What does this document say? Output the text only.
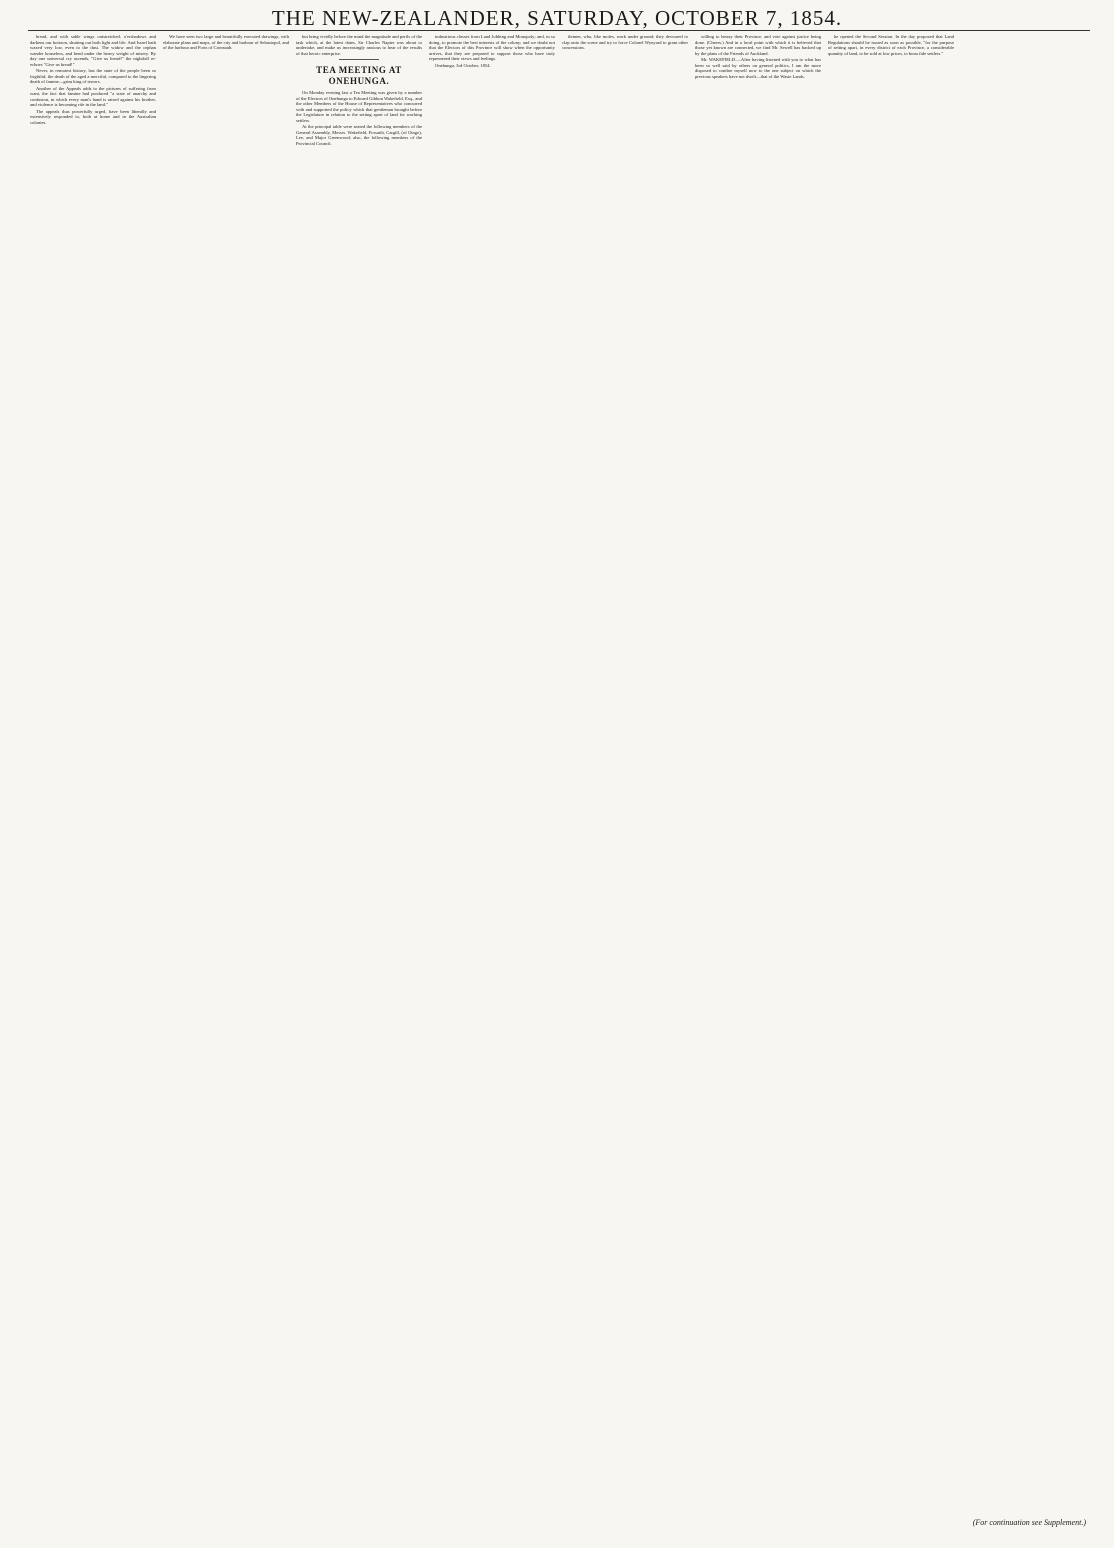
THE NEW-ZEALANDER, SATURDAY, OCTOBER 7, 1854.

bread, and with sable wings outstretched, o'ershadows and darkens our horizon, shutting out both light and life. And Israel hath waxed very low, even to the dust. The widow and the orphan wander houseless, and bend under the heavy weight of misery. By day one universal cry ascends, "Give us bread!" the nightfall re-echoes "Give us bread!"

Never, in remotest history, has the state of the people been so frightful; the death of the aged a merciful, compared to the lingering death of famine—grim king of terrors.

Another of the Appeals adds to the pictures of suffering from want, the fact that famine had produced "a state of anarchy and confusion, in which every man's hand is raised against his brother, and violence is becoming rife in the land."

The appeals thus powerfully urged, have been liberally and extensively responded to, both at home and in the Australian colonies.

We have seen two large and beautifully executed drawings, with elaborate plans and maps, of the city and harbour of Sebastopol, and of the harbour and Forts of Cronstadt.

but bring vividly before the mind the magnitude and perils of the task which, at the latest dates, Sir Charles Napier was about to undertake, and make us increasingly anxious to hear of the results of that heroic enterprise.

TEA MEETING AT ONEHUNGA.

On Monday evening last a Tea Meeting was given by a number of the Electors of Onehunga to Edward Gibbon Wakefield, Esq., and the other Members of the House of Representatives who concurred with and supported the policy which that gentleman brought before the Legislature in relation to the setting apart of land for working settlers.

At the principal table were seated the following members of the General Assembly, Messrs. Wakefield, Forsaith, Cargill, (of Otago), Lee, and Major Greenwood; also, the following members of the Provincial Council.

industrious classes from Land Jobbing and Monopoly; and, in so doing, to promote the best interests of the colony; and we doubt not that the Electors of this Province will show when the opportunity arrives, that they are prepared to support those who have truly represented their views and feelings.

Onehunga, 3rd October, 1854.

tlemen, who, like moles, work under ground; they devoured to clap onto the scene and try to force Colonel Wynyard to grant other concessions.

willing to betray their Province, and vote against justice being done. (Cheers.) And in a local point with which it is believed that those yet known are connected, we find Mr. Sewell has backed up by the plans of the Friends of Auckland.

Mr. WAKEFIELD.—After having listened with you to what has been so well said by others on general politics, I am the more disposed to confine myself now to the one subject on which the previous speakers have not dwelt—that of the Waste Lands.

he opened the Second Session. In the day proposed that Land Regulations should be issued as soon as possible, "for the purpose of setting apart, in every district of each Province, a considerable quantity of land, to be sold at low prices, to bona fide settlers."

(For continuation see Supplement.)
